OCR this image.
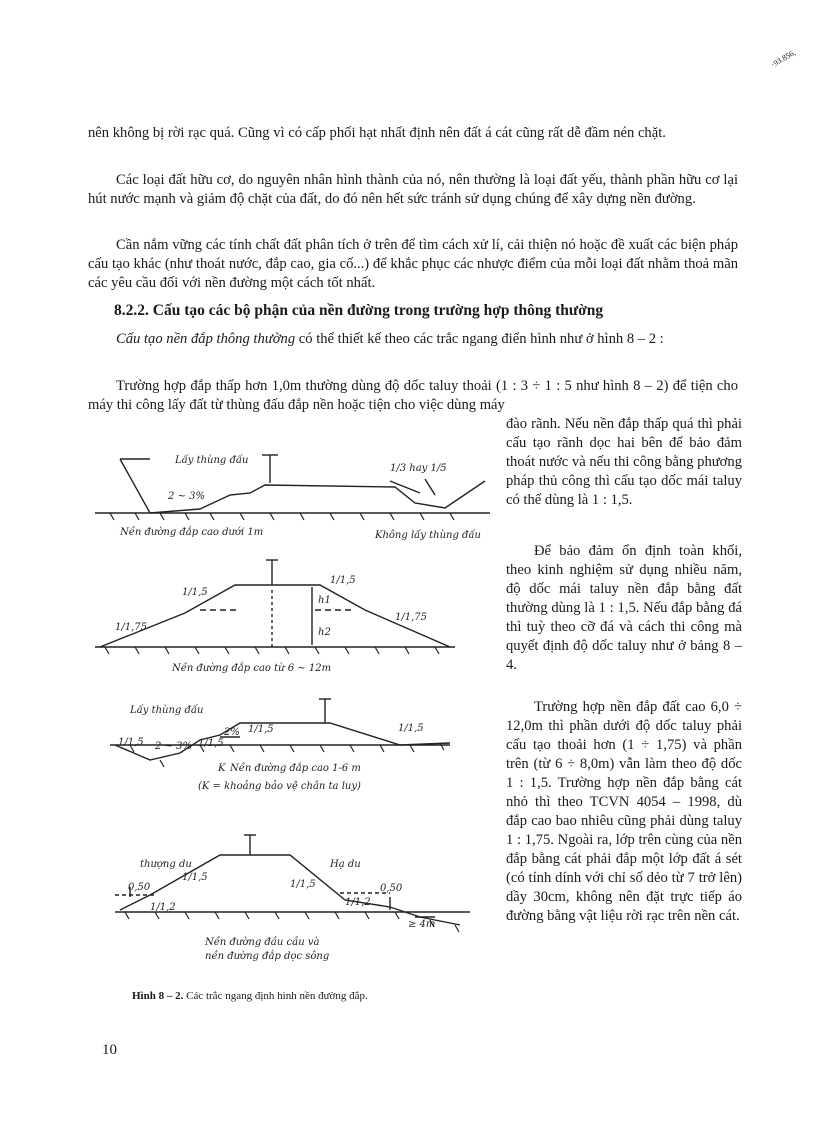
·93.856,
nên không bị rời rạc quá. Cũng vì có cấp phối hạt nhất định nên đất á cát cũng rất dễ đầm nén chặt.
Các loại đất hữu cơ, do nguyên nhân hình thành của nó, nên thường là loại đất yếu, thành phần hữu cơ lại hút nước mạnh và giảm độ chặt của đất, do đó nên hết sức tránh sử dụng chúng để xây dựng nền đường.
Cần nắm vững các tính chất đất phân tích ở trên để tìm cách xử lí, cải thiện nó hoặc đề xuất các biện pháp cấu tạo khác (như thoát nước, đắp cao, gia cố...) để khắc phục các nhược điểm của mỗi loại đất nhằm thoả mãn các yêu cầu đối với nền đường một cách tốt nhất.
8.2.2. Cấu tạo các bộ phận của nền đường trong trường hợp thông thường
Cấu tạo nền đắp thông thường có thể thiết kế theo các trắc ngang điển hình như ở hình 8 – 2 :
Trường hợp đắp thấp hơn 1,0m thường dùng độ dốc taluy thoải (1 : 3 ÷ 1 : 5 như hình 8 – 2) để tiện cho máy thi công lấy đất từ thùng đấu đắp nền hoặc tiện cho việc dùng máy
đào rãnh. Nếu nền đắp thấp quá thì phải cấu tạo rãnh dọc hai bên để bảo đảm thoát nước và nếu thi công bằng phương pháp thủ công thì cấu tạo dốc mái taluy có thể dùng là 1 : 1,5.
Để bảo đảm ổn định toàn khối, theo kinh nghiệm sử dụng nhiều năm, độ dốc mái taluy nền đắp bằng đất thường dùng là 1 : 1,5. Nếu đắp bằng đá thì tuỳ theo cỡ đá và cách thi công mà quyết định độ dốc taluy như ở bảng 8 – 4.
Trường hợp nền đắp đất cao 6,0 ÷ 12,0m thì phần dưới độ dốc taluy phải cấu tạo thoải hơn (1 ÷ 1,75) và phần trên (từ 6 ÷ 8,0m) vẫn làm theo độ dốc 1 : 1,5. Trường hợp nền đắp bằng cát nhỏ thì theo TCVN 4054 – 1998, dù đắp cao bao nhiêu cũng phải dùng taluy 1 : 1,75. Ngoài ra, lớp trên cùng của nền đắp bằng cát phải đắp một lớp đất á sét (có tính dính với chỉ số dẻo từ 7 trở lên) dầy 30cm, không nên đặt trực tiếp áo đường bằng vật liệu rời rạc trên nền cát.
Lấy thùng đấu
1/3 hay 1/5
2 ~ 3%
Nền đường đắp cao dưới 1m	Không lấy thùng đấu
1/1,5
1/1,5
1/1,75
1/1,75
h1
h2
Nền đường đắp cao từ 6 ~ 12m
Lấy thùng đấu
1/1,5 2 ~ 3% 1/1,5
2% 1/1,5	1/1,5
K Nền đường đắp cao 1-6 m
(K = khoảng bảo vệ chân ta luy)
thượng du	Hạ du
1/1,5
1/1,5
1/1,2	1/1,2
0,50	0,50
≥ 4m
Nền đường đầu cầu và
nền đường đắp dọc sông
Hình 8 – 2. Các trắc ngang định hình nền đường đắp.
10
